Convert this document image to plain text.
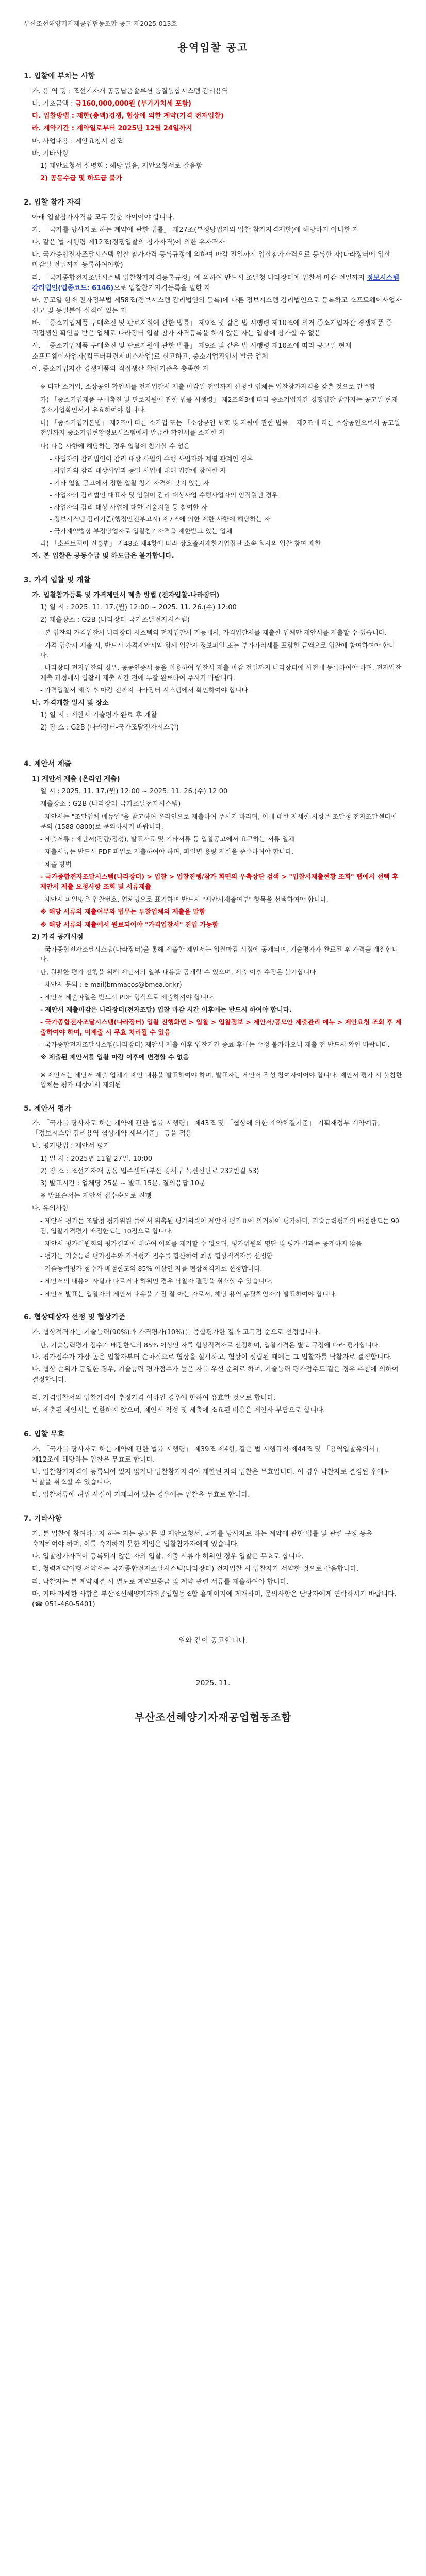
부산조선해양기자재공업협동조합 공고 제2025-013호
용역입찰 공고
1. 입찰에 부치는 사항
가. 용 역 명 : 조선기자재 공동납품솔루션 품질통합시스템 감리용역
나. 기초금액 : 금160,000,000원 (부가가치세 포함)
다. 입찰방법 : 제한(총액)경쟁, 협상에 의한 계약(가격 전자입찰)
라. 계약기간 : 계약일로부터 2025년 12월 24일까지
마. 사업내용 : 제안요청서 참조
바. 기타사항
1) 제안요청서 설명회 : 해당 없음, 제안요청서로 갈음함
2) 공동수급 및 하도급 불가
2. 입찰 참가 자격
아래 입찰참가자격을 모두 갖춘 자이어야 합니다.
가. 「국가를 당사자로 하는 계약에 관한 법률」 제27조(부정당업자의 입찰 참가자격제한)에 해당하지 아니한 자
나. 같은 법 시행령 제12조(경쟁입찰의 참가자격)에 의한 유자격자
다. 국가종합전자조달시스템 입찰 참가자격 등록규정에 의하여 마감 전일까지 입찰참가자격으로 등록한 자(나라장터에 입찰 마감일 전일까지 등록하여야함)
라. 「국가종합전자조달시스템 입찰참가자격등록규정」에 의하여 반드시 조달청 나라장터에 입찰서 마감 전일까지 정보시스템 감리법인(업종코드: 6146)으로 입찰참가자격등록을 필한 자
마. 공고일 현재 전자정부법 제58조(정보시스템 감리법인의 등록)에 따른 정보시스템 감리법인으로 등록하고 소프트웨어사업자 신고 및 동일분야 실적이 있는 자
바. 「중소기업제품 구매촉진 및 판로지원에 관한 법률」 제9조 및 같은 법 시행령 제10조에 의거 중소기업자간 경쟁제품 중 직접생산 확인을 받은 업체로 나라장터 입찰 참가 자격등록을 하지 않은 자는 입찰에 참가할 수 없음
사. 「중소기업제품 구매촉진 및 판로지원에 관한 법률」 제9조 및 같은 법 시행령 제10조에 따라 공고일 현재 소프트웨어사업자(컴퓨터관련서비스사업)로 신고하고, 중소기업확인서 발급 업체
아. 중소기업자간 경쟁제품의 직접생산 확인기준을 충족한 자
※ 다만 소기업, 소상공인 확인서를 전자입찰서 제출 마감일 전일까지 신청한 업체는 입찰참가자격을 갖춘 것으로 간주함
가) 「중소기업제품 구매촉진 및 판로지원에 관한 법률 시행령」 제2조의3에 따라 중소기업자간 경쟁입찰 참가자는 공고일 현재 중소기업확인서가 유효하여야 합니다.
나) 「중소기업기본법」 제2조에 따른 소기업 또는 「소상공인 보호 및 지원에 관한 법률」 제2조에 따른 소상공인으로서 공고일 전일까지 중소기업현황정보시스템에서 발급한 확인서를 소지한 자
다) 다음 사항에 해당하는 경우 입찰에 참가할 수 없음
- 사업자의 감리법인이 감리 대상 사업의 수행 사업자와 계열 관계인 경우
- 사업자의 감리 대상사업과 동일 사업에 대해 입찰에 참여한 자
- 기타 입찰 공고에서 정한 입찰 참가 자격에 맞지 않는 자
- 사업자의 감리법인 대표자 및 임원이 감리 대상사업 수행사업자의 임직원인 경우
- 사업자의 감리 대상 사업에 대한 기술지원 등 참여한 자
- 정보시스템 감리기준(행정안전부고시) 제7조에 의한 제한 사항에 해당하는 자
- 국가계약법상 부정당업자로 입찰참가자격을 제한받고 있는 업체
라) 「소프트웨어 진흥법」 제48조 제4항에 따라 상호출자제한기업집단 소속 회사의 입찰 참여 제한
자. 본 입찰은 공동수급 및 하도급은 불가합니다.
3. 가격 입찰 및 개찰
가. 입찰참가등록 및 가격제안서 제출 방법 (전자입찰-나라장터)
1) 일 시 : 2025. 11. 17.(월) 12:00 ~ 2025. 11. 26.(수) 12:00
2) 제출장소 : G2B (나라장터-국가조달전자시스템)
- 본 입찰의 가격입찰서 나라장터 시스템의 전자입찰서 기능에서, 가격입찰서를 제출한 업체만 제안서를 제출할 수 있습니다.
- 가격 입찰서 제출 시, 반드시 가격제안서와 함께 입찰자 정보파일 또는 부가가치세를 포함한 금액으로 입찰에 참여하여야 합니다.
- 나라장터 전자입찰의 경우, 공동인증서 등을 이용하여 입찰서 제출 마감 전일까지 나라장터에 사전에 등록하여야 하며, 전자입찰 제출 과정에서 입찰서 제출 시간 전에 투찰 완료하여 주시기 바랍니다.
- 가격입찰서 제출 후 마감 전까지 나라장터 시스템에서 확인하여야 합니다.
나. 가격개찰 일시 및 장소
1) 일 시 : 제안서 기술평가 완료 후 개찰
2) 장 소 : G2B (나라장터-국가조달전자시스템)
4. 제안서 제출
1) 제안서 제출 (온라인 제출)
일 시 : 2025. 11. 17.(월) 12:00 ~ 2025. 11. 26.(수) 12:00
제출장소 : G2B (나라장터-국가조달전자시스템)
- 제안서는 "조달업체 메뉴얼"을 참고하여 온라인으로 제출하여 주시기 바라며, 이에 대한 자세한 사항은 조달청 전자조달센터에 문의 (1588-0800)로 문의하시기 바랍니다.
- 제출서류 : 제안서(정량/정성), 발표자료 및 기타서류 등 입찰공고에서 요구하는 서류 일체
- 제출서류는 반드시 PDF 파일로 제출하여야 하며, 파일별 용량 제한을 준수하여야 합니다.
- 제출 방법
- 국가종합전자조달시스템(나라장터) > 입찰 > 입찰진행/참가 화면의 우측상단 검색 > "입찰서제출현황 조회" 탭에서 선택 후 제안서 제출 요청사항 조회 및 서류제출
- 제안서 파일명은 입찰번호, 업체명으로 표기하며 반드시 "제안서제출여부" 항목을 선택하여야 합니다.
※ 해당 서류의 제출여부와 법무는 투찰업체의 제출을 말함
※ 해당 서류의 제출에서 원료되어야 "가격입찰서" 진입 가능함
2) 가격 공개시점
- 국가종합전자조달시스템(나라장터)을 통해 제출한 제안서는 입찰마감 시점에 공개되며, 기술평가가 완료된 후 가격을 개찰합니다.
단, 원활한 평가 진행을 위해 제안서의 일부 내용을 공개할 수 있으며, 제출 이후 수정은 불가합니다.
- 제안서 문의 : e-mail(bmmacos@bmea.or.kr)
- 제안서 제출파일은 반드시 PDF 형식으로 제출하셔야 합니다.
- 제안서 제출마감은 나라장터(전자조달) 입찰 마감 시간 이후에는 반드시 하여야 합니다.
- 국가종합전자조달시스템(나라장터) 입찰 진행화면 > 입찰 > 입찰정보 > 제안서/공모안 제출관리 메뉴 > 제안요청 조회 후 제출하여야 하며, 미제출 시 무효 처리될 수 있음
- 국가종합전자조달시스템(나라장터) 제안서 제출 이후 입찰기간 종료 후에는 수정 불가하오니 제출 전 반드시 확인 바랍니다.
※ 제출된 제안서를 입찰 마감 이후에 변경할 수 없음
※ 제안서는 제안서 제출 업체가 제안 내용을 발표하여야 하며, 발표자는 제안서 작성 참여자이어야 합니다. 제안서 평가 시 불참한 업체는 평가 대상에서 제외됨
5. 제안서 평가
가. 「국가를 당사자로 하는 계약에 관한 법률 시행령」 제43조 및 「협상에 의한 계약체결기준」 기획재정부 계약예규, 「정보시스템 감리용역 협상계약 세부기준」 등을 적용
나. 평가방법 : 제안서 평가
1) 일 시 : 2025년 11월 27일. 10:00
2) 장 소 : 조선기자재 공동 입주센터(부산 강서구 녹산산단로 232번길 53)
3) 발표시간 : 업체당 25분 ~ 발표 15분, 질의응답 10분
※ 발표순서는 제안서 접수순으로 진행
다. 유의사항
- 제안서 평가는 조달청 평가위원 풀에서 위촉된 평가위원이 제안서 평가표에 의거하여 평가하며, 기술능력평가의 배점한도는 90점, 입찰가격평가 배점한도는 10점으로 합니다.
- 제안서 평가위원회의 평가결과에 대하여 이의를 제기할 수 없으며, 평가위원의 명단 및 평가 결과는 공개하지 않음
- 평가는 기술능력 평가점수와 가격평가 점수를 합산하여 최종 협상적격자를 선정함
- 기술능력평가 점수가 배점한도의 85% 이상인 자를 협상적격자로 선정합니다.
- 제안서의 내용이 사실과 다르거나 허위인 경우 낙찰자 결정을 취소할 수 있습니다.
- 제안서 발표는 입찰자의 제안서 내용을 가장 잘 아는 자로서, 해당 용역 총괄책임자가 발표하여야 합니다.
6. 협상대상자 선정 및 협상기준
가. 협상적격자는 기술능력(90%)과 가격평가(10%)를 종합평가한 결과 고득점 순으로 선정합니다.
단, 기술능력평가 점수가 배점한도의 85% 이상인 자를 협상적격자로 선정하며, 입찰가격은 별도 규정에 따라 평가합니다.
나. 평가점수가 가장 높은 입찰자부터 순차적으로 협상을 실시하고, 협상이 성립된 때에는 그 입찰자를 낙찰자로 결정합니다.
다. 협상 순위가 동일한 경우, 기술능력 평가점수가 높은 자를 우선 순위로 하며, 기술능력 평가점수도 같은 경우 추첨에 의하여 결정합니다.
라. 가격입찰서의 입찰가격이 추정가격 이하인 경우에 한하여 유효한 것으로 합니다.
마. 제출된 제안서는 반환하지 않으며, 제안서 작성 및 제출에 소요된 비용은 제안사 부담으로 합니다.
6. 입찰 무효
가. 「국가를 당사자로 하는 계약에 관한 법률 시행령」 제39조 제4항, 같은 법 시행규칙 제44조 및 「용역입찰유의서」 제12조에 해당하는 입찰은 무효로 합니다.
나. 입찰참가자격이 등록되어 있지 않거나 입찰참가자격이 제한된 자의 입찰은 무효입니다. 이 경우 낙찰자로 결정된 후에도 낙찰을 취소할 수 있습니다.
다. 입찰서류에 허위 사실이 기재되어 있는 경우에는 입찰을 무효로 합니다.
7. 기타사항
가. 본 입찰에 참여하고자 하는 자는 공고문 및 제안요청서, 국가를 당사자로 하는 계약에 관한 법률 및 관련 규정 등을 숙지하여야 하며, 이를 숙지하지 못한 책임은 입찰참가자에게 있습니다.
나. 입찰참가자격이 등록되지 않은 자의 입찰, 제출 서류가 허위인 경우 입찰은 무효로 합니다.
다. 청렴계약이행 서약서는 국가종합전자조달시스템(나라장터) 전자입찰 시 입찰자가 서약한 것으로 갈음합니다.
라. 낙찰자는 본 계약체결 시 별도로 계약보증금 및 계약 관련 서류를 제출하여야 합니다.
마. 기타 자세한 사항은 부산조선해양기자재공업협동조합 홈페이지에 게재하며, 문의사항은 담당자에게 연락하시기 바랍니다. (☎ 051-460-5401)
위와 같이 공고합니다.
2025. 11.
부산조선해양기자재공업협동조합
